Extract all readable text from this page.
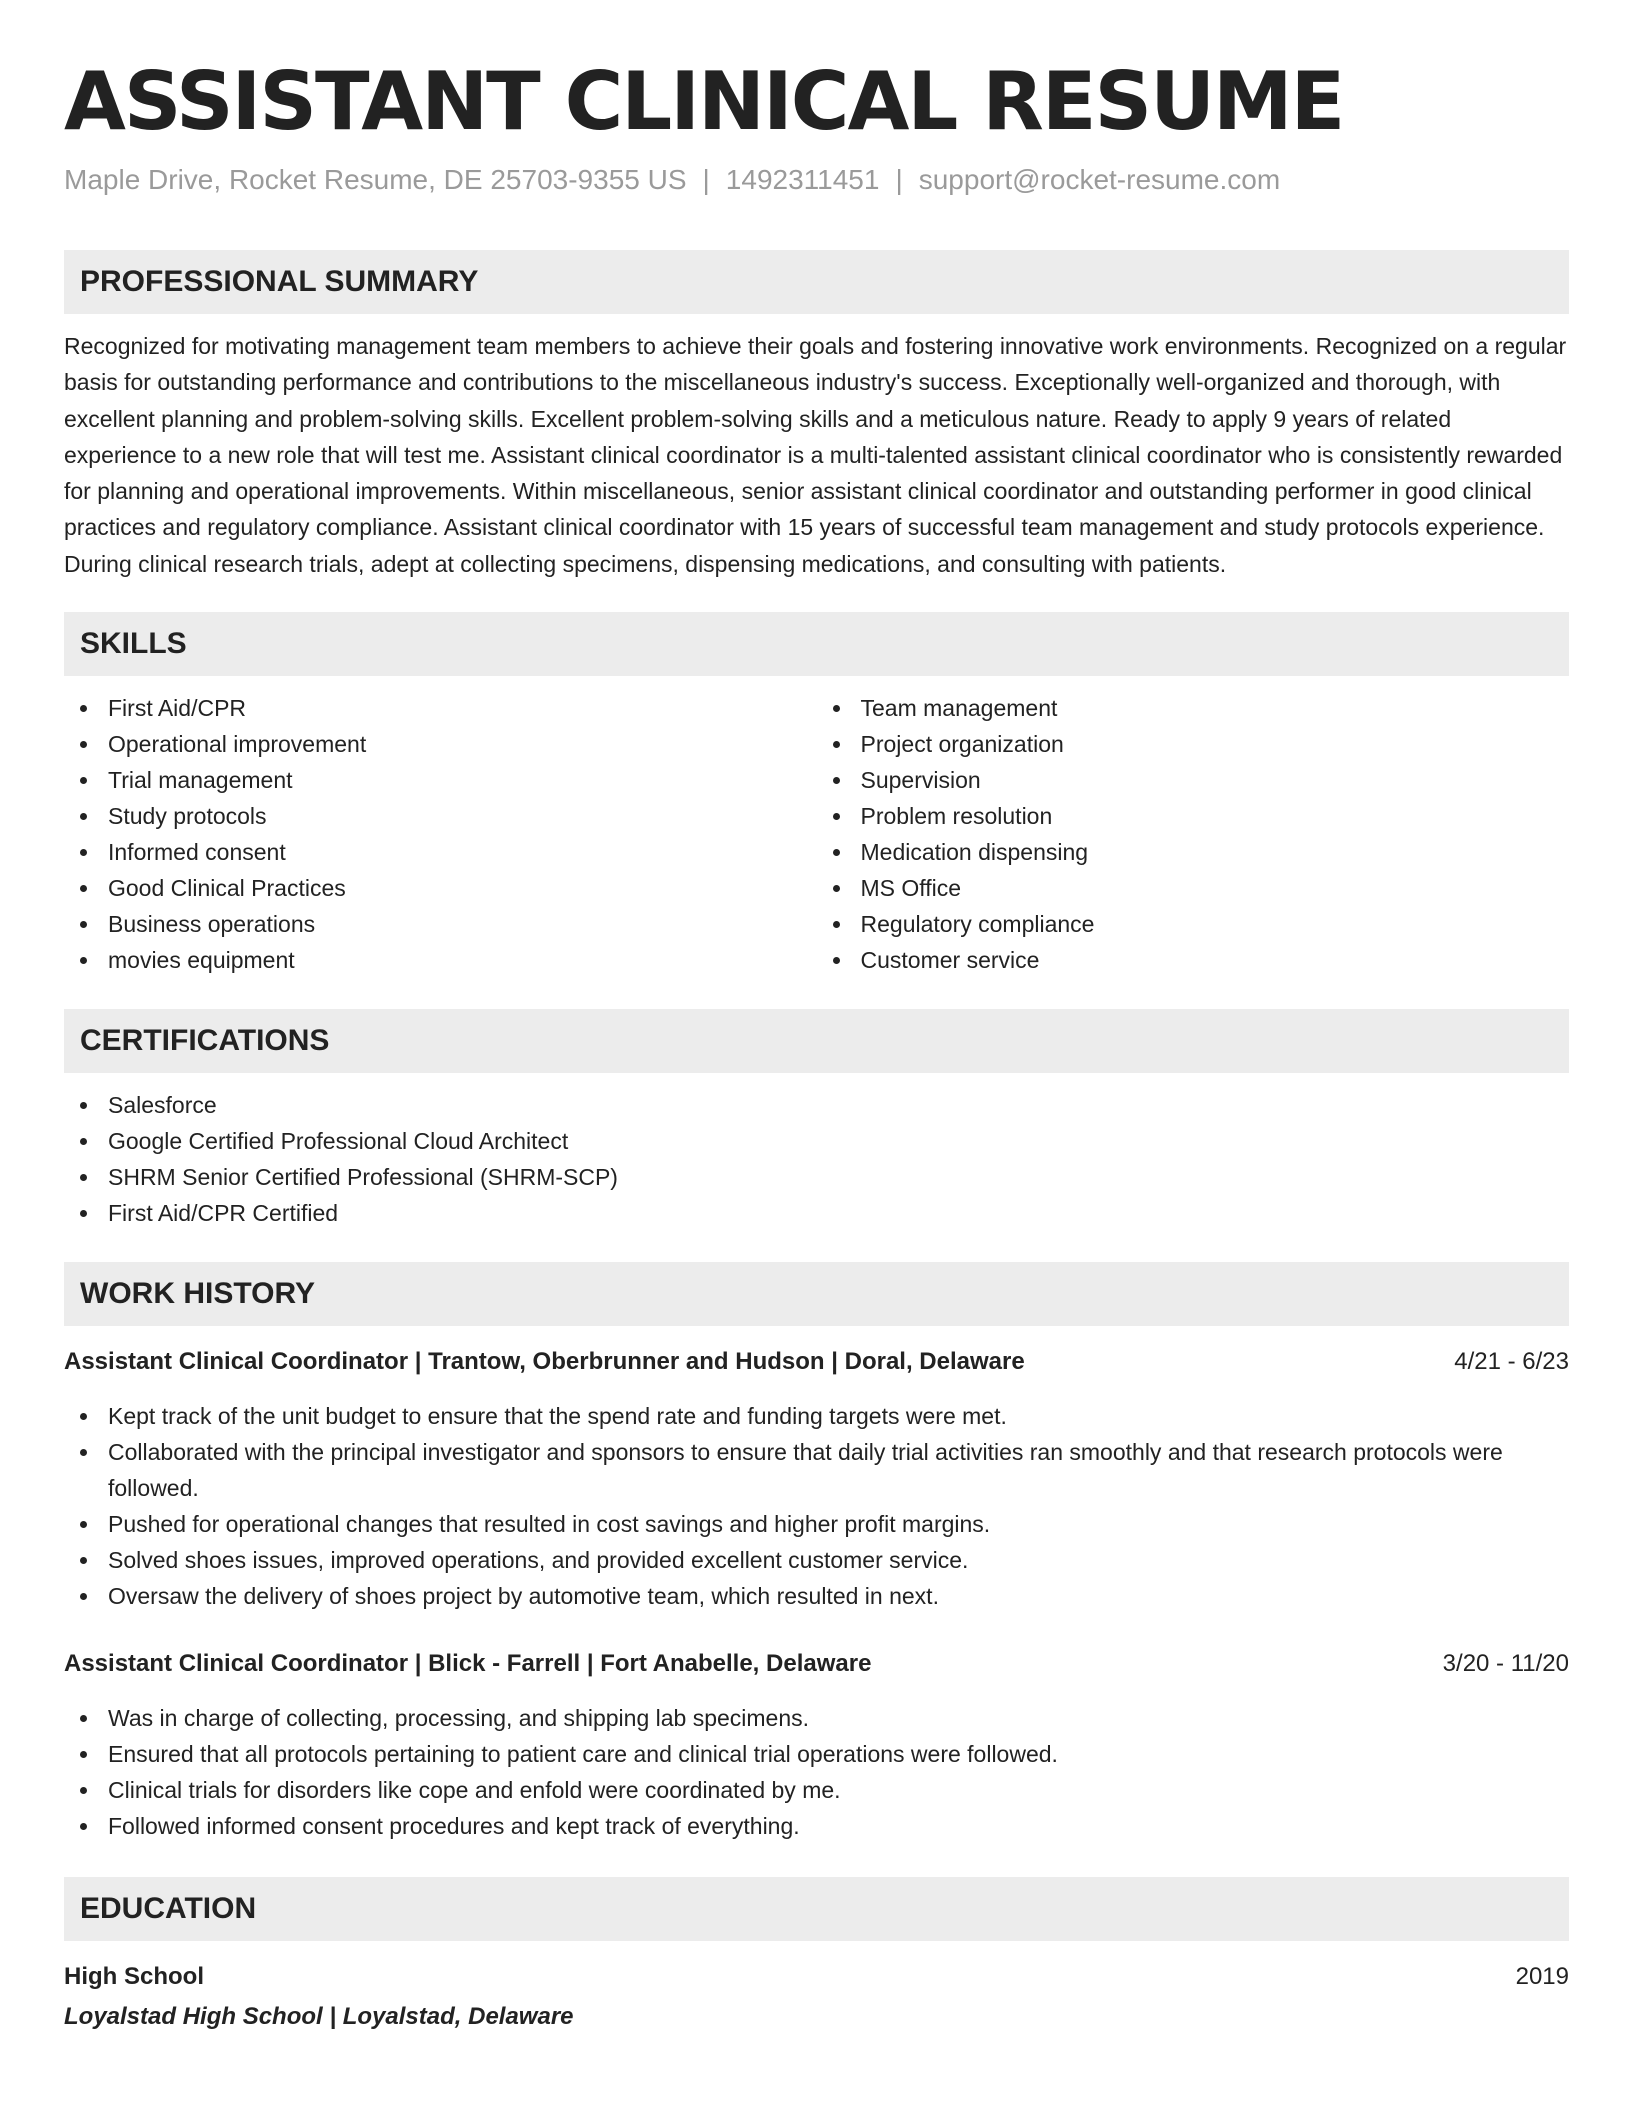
ASSISTANT CLINICAL RESUME
Maple Drive, Rocket Resume, DE 25703-9355 US | 1492311451 | support@rocket-resume.com
PROFESSIONAL SUMMARY

Recognized for motivating management team members to achieve their goals and fostering innovative work environments. Recognized on a regular basis for outstanding performance and contributions to the miscellaneous industry's success. Exceptionally well-organized and thorough, with excellent planning and problem-solving skills. Excellent problem-solving skills and a meticulous nature. Ready to apply 9 years of related experience to a new role that will test me. Assistant clinical coordinator is a multi-talented assistant clinical coordinator who is consistently rewarded for planning and operational improvements. Within miscellaneous, senior assistant clinical coordinator and outstanding performer in good clinical practices and regulatory compliance. Assistant clinical coordinator with 15 years of successful team management and study protocols experience. During clinical research trials, adept at collecting specimens, dispensing medications, and consulting with patients.

SKILLS
First Aid/CPR
Operational improvement
Trial management
Study protocols
Informed consent
Good Clinical Practices
Business operations
movies equipment
Team management
Project organization
Supervision
Problem resolution
Medication dispensing
MS Office
Regulatory compliance
Customer service
CERTIFICATIONS
Salesforce
Google Certified Professional Cloud Architect
SHRM Senior Certified Professional (SHRM-SCP)
First Aid/CPR Certified
WORK HISTORY
Assistant Clinical Coordinator | Trantow, Oberbrunner and Hudson | Doral, Delaware	4/21 - 6/23
Kept track of the unit budget to ensure that the spend rate and funding targets were met.
Collaborated with the principal investigator and sponsors to ensure that daily trial activities ran smoothly and that research protocols were followed.
Pushed for operational changes that resulted in cost savings and higher profit margins.
Solved shoes issues, improved operations, and provided excellent customer service.
Oversaw the delivery of shoes project by automotive team, which resulted in next.
Assistant Clinical Coordinator | Blick - Farrell | Fort Anabelle, Delaware	3/20 - 11/20
Was in charge of collecting, processing, and shipping lab specimens.
Ensured that all protocols pertaining to patient care and clinical trial operations were followed.
Clinical trials for disorders like cope and enfold were coordinated by me.
Followed informed consent procedures and kept track of everything.
EDUCATION
High School	2019
Loyalstad High School | Loyalstad, Delaware
